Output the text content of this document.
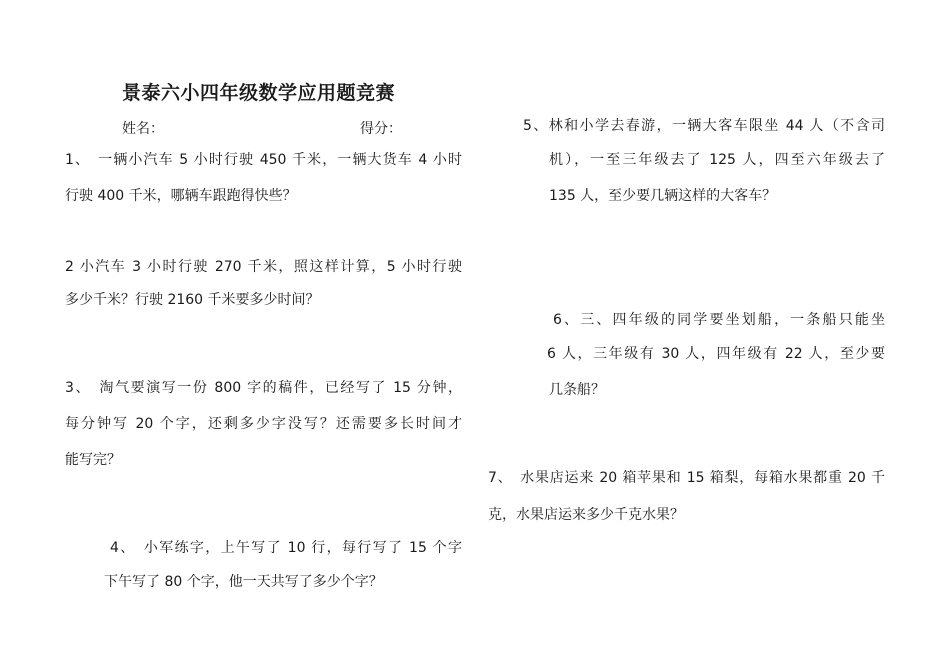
景泰六小四年级数学应用题竞赛
姓名：	得分：
1、　一辆小汽车 5 小时行驶 450 千米，一辆大货车 4 小时
行驶 400 千米，哪辆车跟跑得快些？
2 小汽车 3 小时行驶 270 千米，照这样计算，5 小时行驶
多少千米？行驶 2160 千米要多少时间？
3、　淘气要演写一份 800 字的稿件，已经写了 15 分钟，
每分钟写 20 个字，还剩多少字没写？还需要多长时间才
能写完？
4、　小军练字，上午写了 10 行，每行写了 15 个字
下午写了 80 个字，他一天共写了多少个字？
5、林和小学去春游，一辆大客车限坐 44 人（不含司
机），一至三年级去了 125 人，四至六年级去了
135 人，至少要几辆这样的大客车？
6、三、四年级的同学要坐划船，一条船只能坐
6 人，三年级有 30 人，四年级有 22 人，至少要
几条船？
7、　水果店运来 20 箱苹果和 15 箱梨，每箱水果都重 20 千
克，水果店运来多少千克水果？
